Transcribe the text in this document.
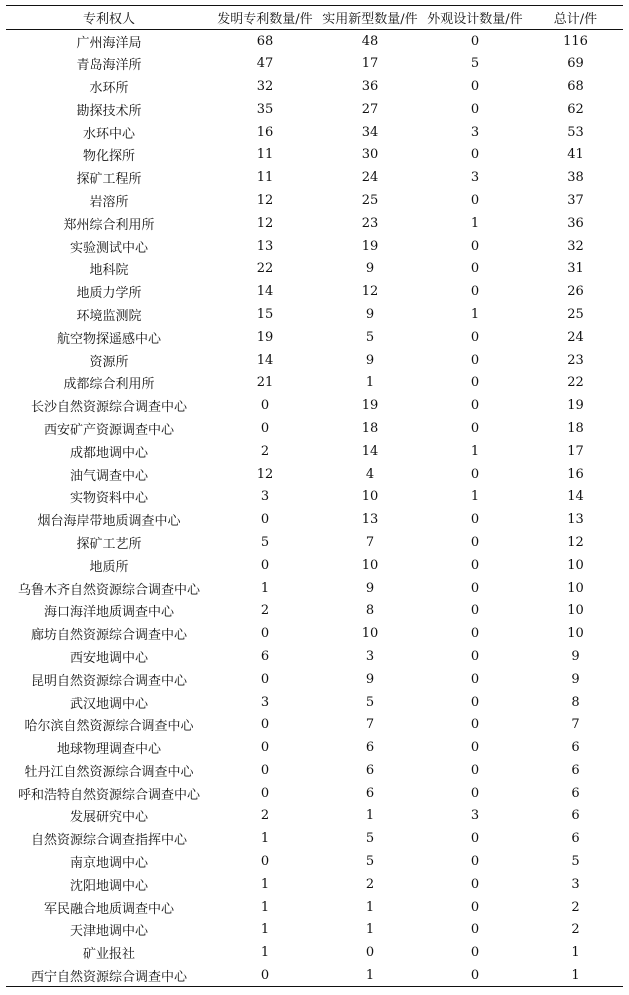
专利权人	发明专利数量/件	实用新型数量/件	外观设计数量/件	总计/件
广州海洋局	68	48	0	116
青岛海洋所	47	17	5	69
水环所	32	36	0	68
勘探技术所	35	27	0	62
水环中心	16	34	3	53
物化探所	11	30	0	41
探矿工程所	11	24	3	38
岩溶所	12	25	0	37
郑州综合利用所	12	23	1	36
实验测试中心	13	19	0	32
地科院	22	9	0	31
地质力学所	14	12	0	26
环境监测院	15	9	1	25
航空物探遥感中心	19	5	0	24
资源所	14	9	0	23
成都综合利用所	21	1	0	22
长沙自然资源综合调查中心	0	19	0	19
西安矿产资源调查中心	0	18	0	18
成都地调中心	2	14	1	17
油气调查中心	12	4	0	16
实物资料中心	3	10	1	14
烟台海岸带地质调查中心	0	13	0	13
探矿工艺所	5	7	0	12
地质所	0	10	0	10
乌鲁木齐自然资源综合调查中心	1	9	0	10
海口海洋地质调查中心	2	8	0	10
廊坊自然资源综合调查中心	0	10	0	10
西安地调中心	6	3	0	9
昆明自然资源综合调查中心	0	9	0	9
武汉地调中心	3	5	0	8
哈尔滨自然资源综合调查中心	0	7	0	7
地球物理调查中心	0	6	0	6
牡丹江自然资源综合调查中心	0	6	0	6
呼和浩特自然资源综合调查中心	0	6	0	6
发展研究中心	2	1	3	6
自然资源综合调查指挥中心	1	5	0	6
南京地调中心	0	5	0	5
沈阳地调中心	1	2	0	3
军民融合地质调查中心	1	1	0	2
天津地调中心	1	1	0	2
矿业报社	1	0	0	1
西宁自然资源综合调查中心	0	1	0	1
